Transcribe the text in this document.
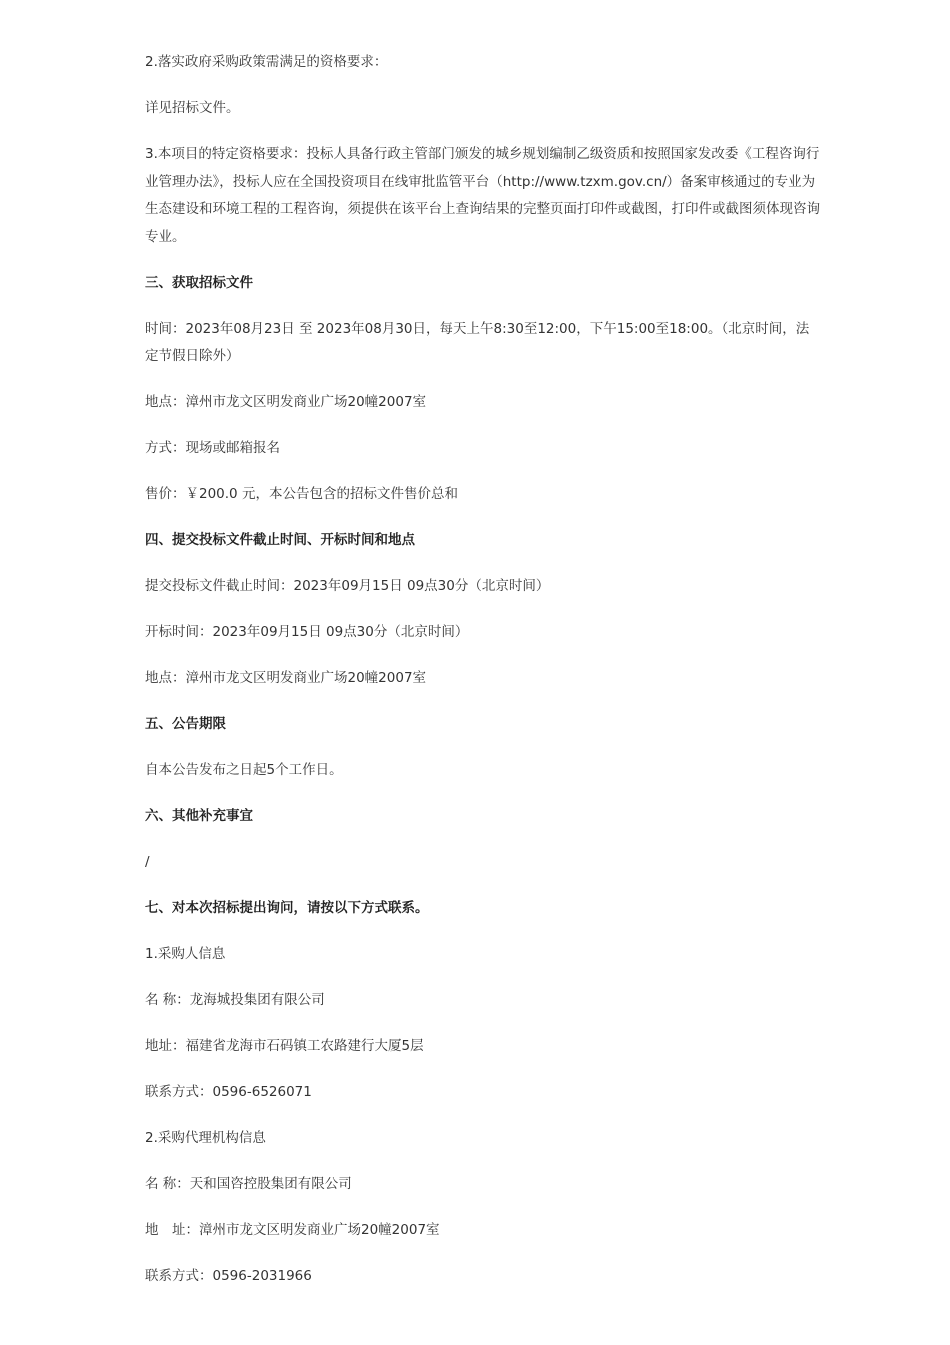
2.落实政府采购政策需满足的资格要求：

详见招标文件。

3.本项目的特定资格要求：投标人具备行政主管部门颁发的城乡规划编制乙级资质和按照国家发改委《工程咨询行业管理办法》，投标人应在全国投资项目在线审批监管平台（http://www.tzxm.gov.cn/）备案审核通过的专业为生态建设和环境工程的工程咨询，须提供在该平台上查询结果的完整页面打印件或截图，打印件或截图须体现咨询专业。

三、获取招标文件

时间：2023年08月23日 至 2023年08月30日，每天上午8:30至12:00，下午15:00至18:00。（北京时间，法定节假日除外）

地点：漳州市龙文区明发商业广场20幢2007室

方式：现场或邮箱报名

售价：￥200.0 元，本公告包含的招标文件售价总和

四、提交投标文件截止时间、开标时间和地点

提交投标文件截止时间：2023年09月15日 09点30分（北京时间）

开标时间：2023年09月15日 09点30分（北京时间）

地点：漳州市龙文区明发商业广场20幢2007室

五、公告期限

自本公告发布之日起5个工作日。

六、其他补充事宜

/

七、对本次招标提出询问，请按以下方式联系。

1.采购人信息

名 称：龙海城投集团有限公司

地址：福建省龙海市石码镇工农路建行大厦5层

联系方式：0596-6526071

2.采购代理机构信息

名 称：天和国咨控股集团有限公司

地　址：漳州市龙文区明发商业广场20幢2007室

联系方式：0596-2031966
